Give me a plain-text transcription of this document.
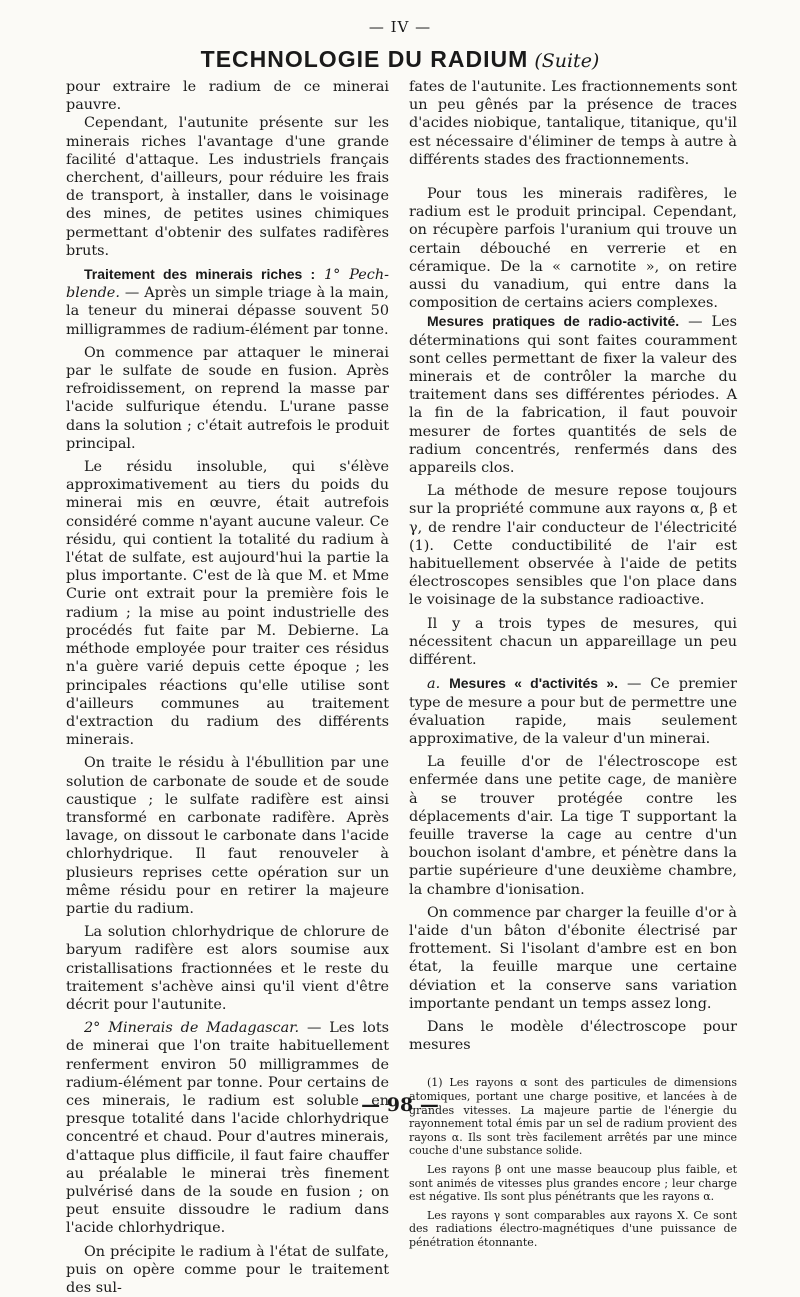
— IV —
TECHNOLOGIE DU RADIUM (Suite)

pour extraire le radium de ce minerai pauvre.

Cependant, l'autunite présente sur les minerais riches l'avantage d'une grande facilité d'attaque. Les industriels français cherchent, d'ailleurs, pour réduire les frais de transport, à installer, dans le voisinage des mines, de petites usines chimiques permettant d'obtenir des sulfates radifères bruts.

Traitement des minerais riches : 1° Pech-blende. — Après un simple triage à la main, la teneur du minerai dépasse souvent 50 milligrammes de radium-élément par tonne.

On commence par attaquer le minerai par le sulfate de soude en fusion. Après refroidissement, on reprend la masse par l'acide sulfurique étendu. L'urane passe dans la solution ; c'était autrefois le produit principal.

Le résidu insoluble, qui s'élève approximativement au tiers du poids du minerai mis en œuvre, était autrefois considéré comme n'ayant aucune valeur. Ce résidu, qui contient la totalité du radium à l'état de sulfate, est aujourd'hui la partie la plus importante. C'est de là que M. et Mme Curie ont extrait pour la première fois le radium ; la mise au point industrielle des procédés fut faite par M. Debierne. La méthode employée pour traiter ces résidus n'a guère varié depuis cette époque ; les principales réactions qu'elle utilise sont d'ailleurs communes au traitement d'extraction du radium des différents minerais.

On traite le résidu à l'ébullition par une solution de carbonate de soude et de soude caustique ; le sulfate radifère est ainsi transformé en carbonate radifère. Après lavage, on dissout le carbonate dans l'acide chlorhydrique. Il faut renouveler à plusieurs reprises cette opération sur un même résidu pour en retirer la majeure partie du radium.

La solution chlorhydrique de chlorure de baryum radifère est alors soumise aux cristallisations fractionnées et le reste du traitement s'achève ainsi qu'il vient d'être décrit pour l'autunite.

2° Minerais de Madagascar. — Les lots de minerai que l'on traite habituellement renferment environ 50 milligrammes de radium-élément par tonne. Pour certains de ces minerais, le radium est soluble en presque totalité dans l'acide chlorhydrique concentré et chaud. Pour d'autres minerais, d'attaque plus difficile, il faut faire chauffer au préalable le minerai très finement pulvérisé dans de la soude en fusion ; on peut ensuite dissoudre le radium dans l'acide chlorhydrique.

On précipite le radium à l'état de sulfate, puis on opère comme pour le traitement des sul-

fates de l'autunite. Les fractionnements sont un peu gênés par la présence de traces d'acides niobique, tantalique, titanique, qu'il est nécessaire d'éliminer de temps à autre à différents stades des fractionnements.

Pour tous les minerais radifères, le radium est le produit principal. Cependant, on récupère parfois l'uranium qui trouve un certain débouché en verrerie et en céramique. De la « carnotite », on retire aussi du vanadium, qui entre dans la composition de certains aciers complexes.

Mesures pratiques de radio-activité. — Les déterminations qui sont faites couramment sont celles permettant de fixer la valeur des minerais et de contrôler la marche du traitement dans ses différentes périodes. A la fin de la fabrication, il faut pouvoir mesurer de fortes quantités de sels de radium concentrés, renfermés dans des appareils clos.

La méthode de mesure repose toujours sur la propriété commune aux rayons α, β et γ, de rendre l'air conducteur de l'électricité (1). Cette conductibilité de l'air est habituellement observée à l'aide de petits électroscopes sensibles que l'on place dans le voisinage de la substance radioactive.

Il y a trois types de mesures, qui nécessitent chacun un appareillage un peu différent.

a. Mesures « d'activités ». — Ce premier type de mesure a pour but de permettre une évaluation rapide, mais seulement approximative, de la valeur d'un minerai.

La feuille d'or de l'électroscope est enfermée dans une petite cage, de manière à se trouver protégée contre les déplacements d'air. La tige T supportant la feuille traverse la cage au centre d'un bouchon isolant d'ambre, et pénètre dans la partie supérieure d'une deuxième chambre, la chambre d'ionisation.

On commence par charger la feuille d'or à l'aide d'un bâton d'ébonite électrisé par frottement. Si l'isolant d'ambre est en bon état, la feuille marque une certaine déviation et la conserve sans variation importante pendant un temps assez long.

Dans le modèle d'électroscope pour mesures

(1) Les rayons α sont des particules de dimensions atomiques, portant une charge positive, et lancées à de grandes vitesses. La majeure partie de l'énergie du rayonnement total émis par un sel de radium provient des rayons α. Ils sont très facilement arrêtés par une mince couche d'une substance solide.

Les rayons β ont une masse beaucoup plus faible, et sont animés de vitesses plus grandes encore ; leur charge est négative. Ils sont plus pénétrants que les rayons α.

Les rayons γ sont comparables aux rayons X. Ce sont des radiations électro-magnétiques d'une puissance de pénétration étonnante.

— 98 —
